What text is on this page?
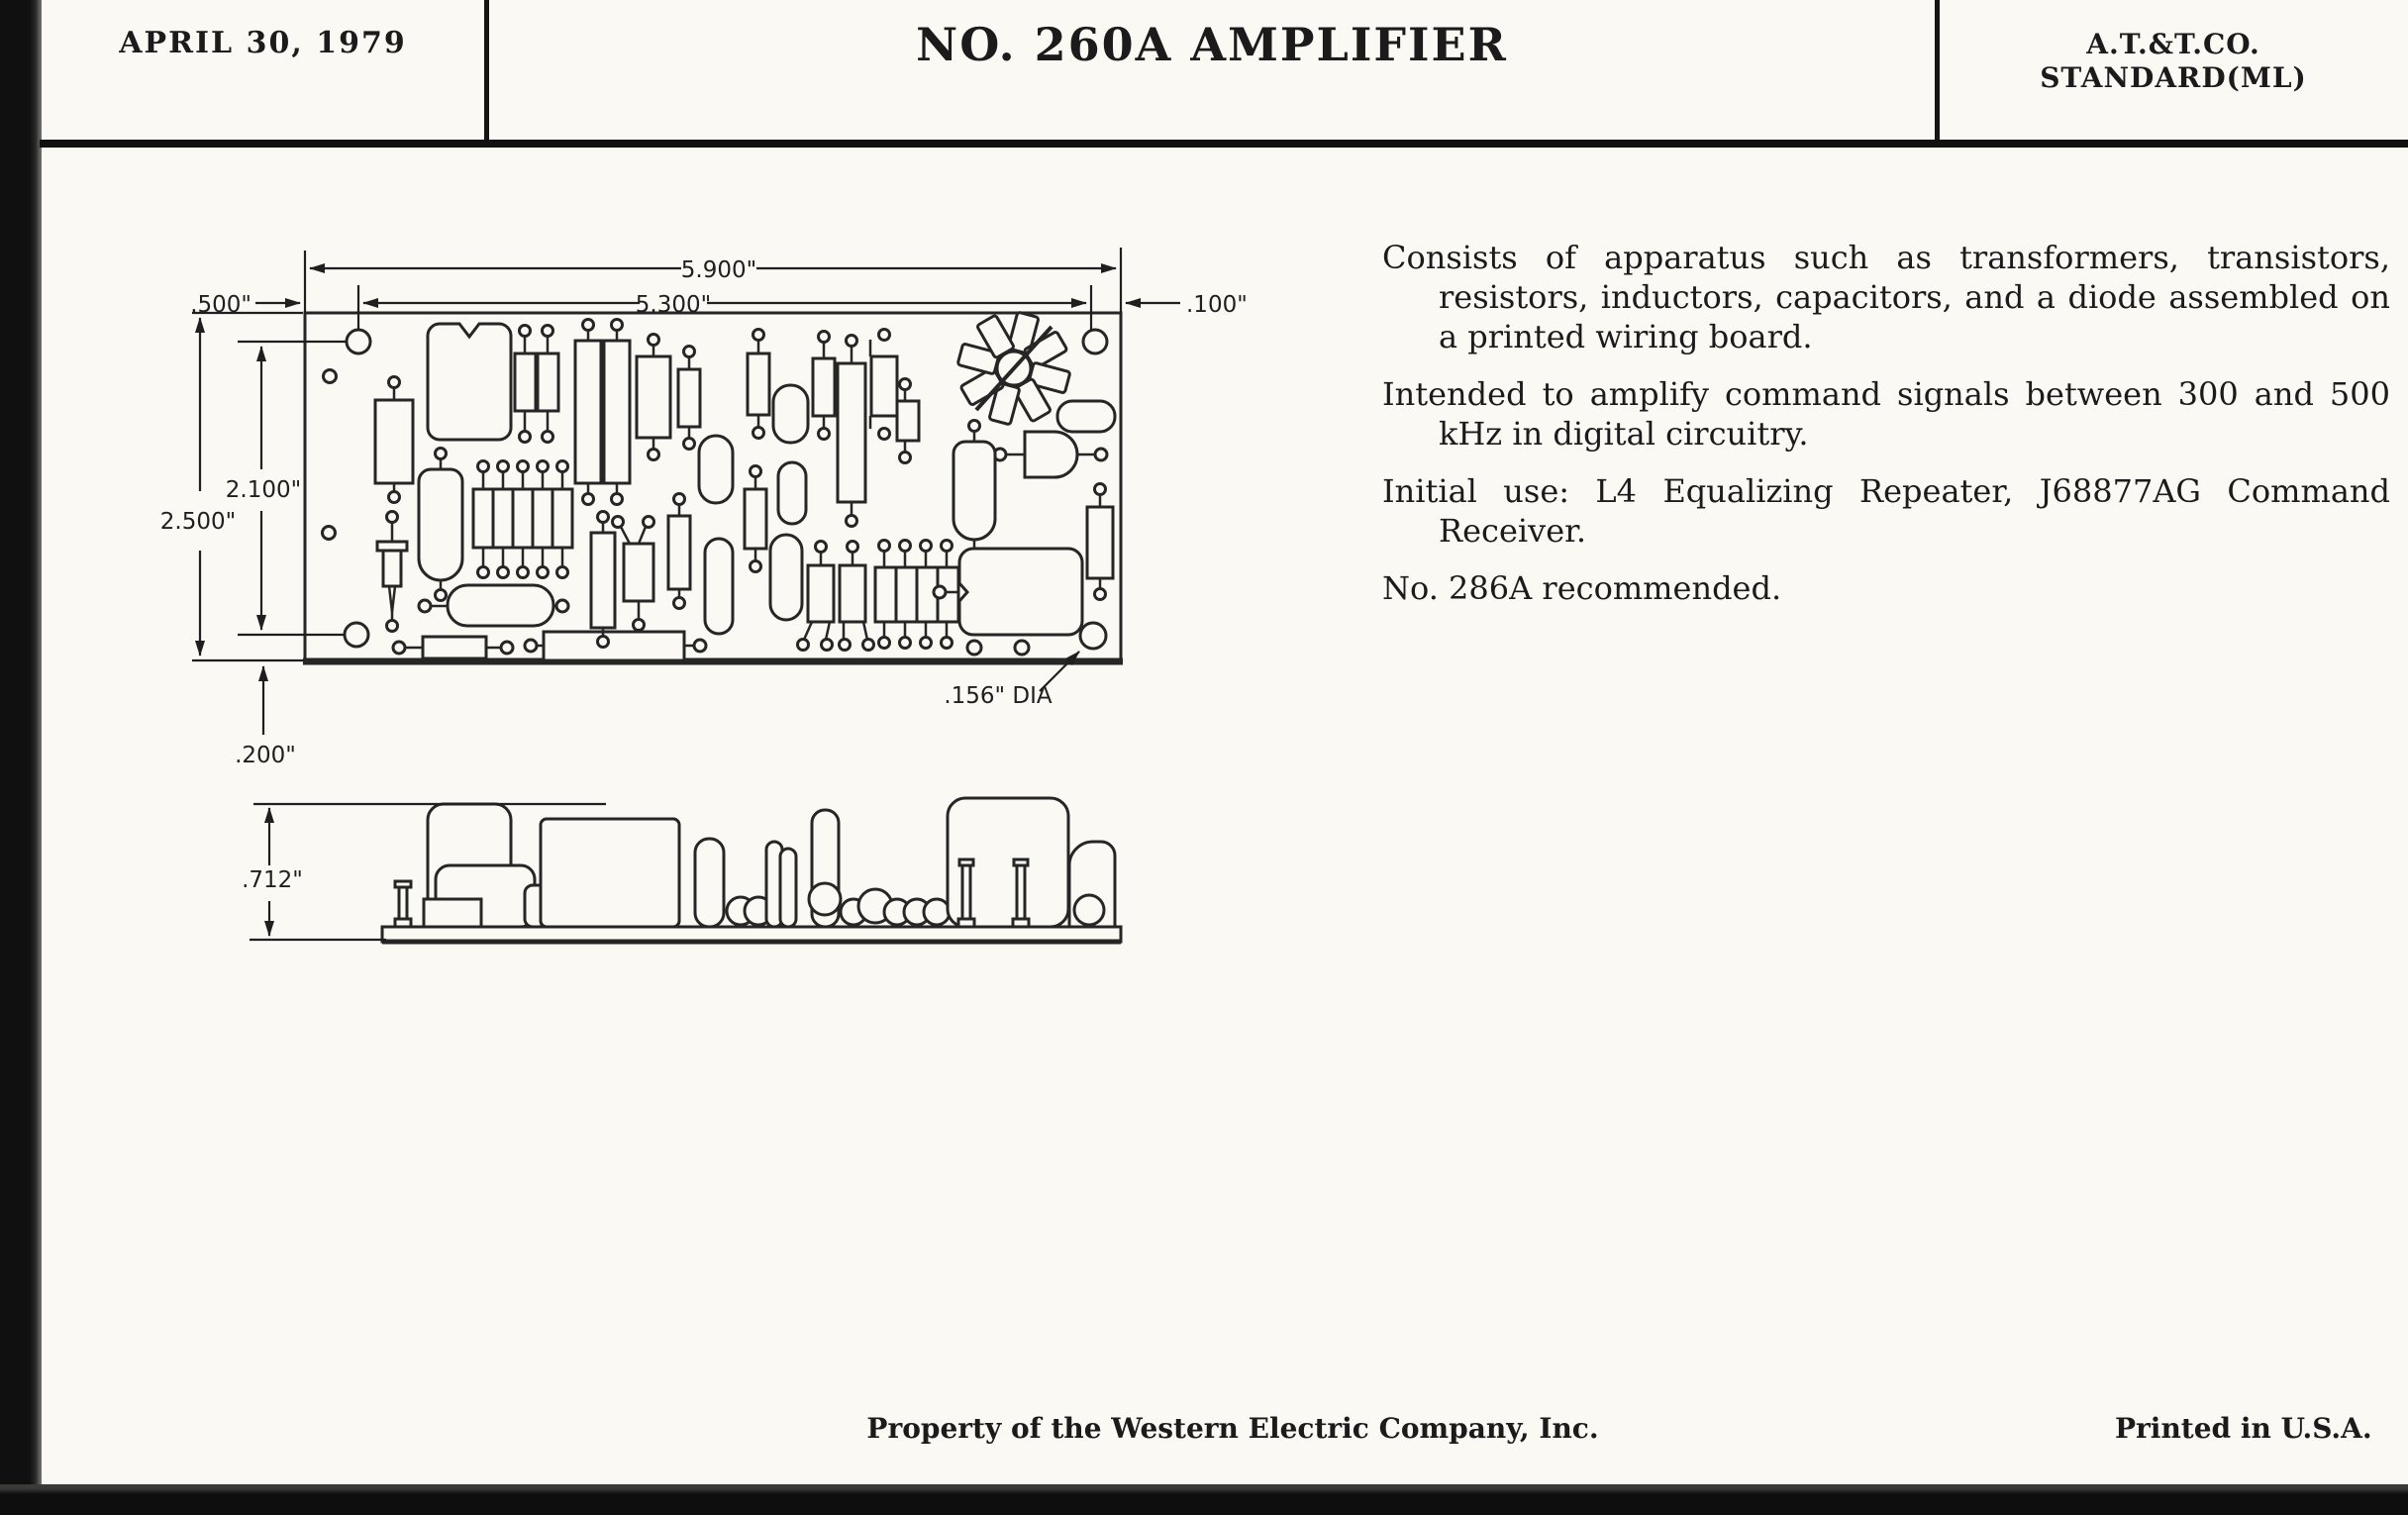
APRIL 30, 1979	NO. 260A AMPLIFIER	A.T.&T.CO.
STANDARD(ML)

Consists of apparatus such as transformers, transistors, resistors, inductors, capacitors, and a diode assembled on a printed wiring board.

Intended to amplify command signals between 300 and 500 kHz in digital circuitry.

Initial use: L4 Equalizing Repeater, J68877AG Command Receiver.

No. 286A recommended.

5.900"
5.300"
.500"	.100"
2.500"
2.100"
.200"
.156" DIA
.712"
Property of the Western Electric Company, Inc.	Printed in U.S.A.
